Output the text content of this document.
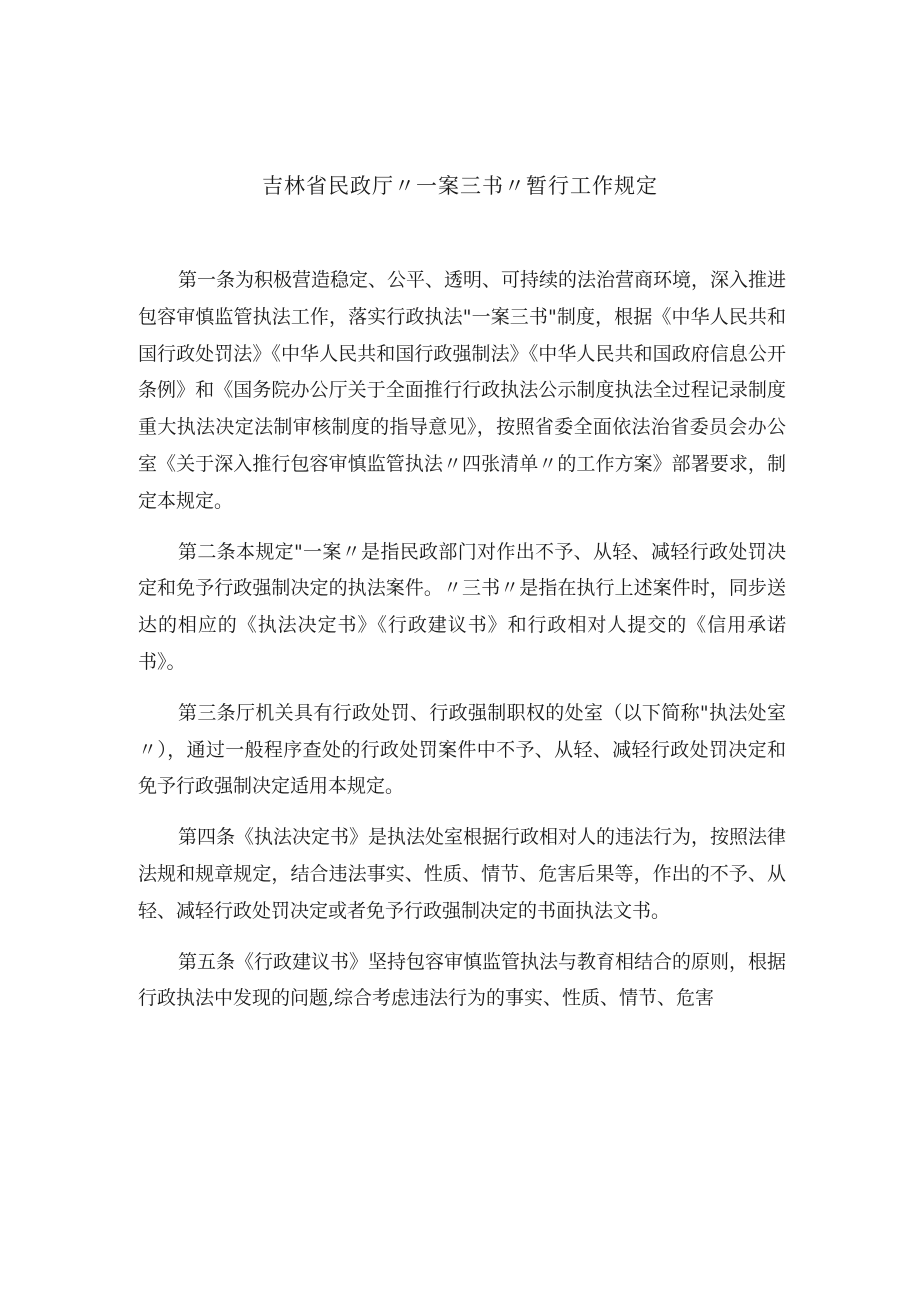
吉林省民政厅〃一案三书〃暂行工作规定

第一条为积极营造稳定、公平、透明、可持续的法治营商环境，深入推进包容审慎监管执法工作，落实行政执法"一案三书"制度，根据《中华人民共和国行政处罚法》《中华人民共和国行政强制法》《中华人民共和国政府信息公开条例》和《国务院办公厅关于全面推行行政执法公示制度执法全过程记录制度重大执法决定法制审核制度的指导意见》，按照省委全面依法治省委员会办公室《关于深入推行包容审慎监管执法〃四张清单〃的工作方案》部署要求，制定本规定。

第二条本规定"一案〃是指民政部门对作出不予、从轻、减轻行政处罚决定和免予行政强制决定的执法案件。〃三书〃是指在执行上述案件时，同步送达的相应的《执法决定书》《行政建议书》和行政相对人提交的《信用承诺书》。

第三条厅机关具有行政处罚、行政强制职权的处室（以下简称"执法处室〃），通过一般程序查处的行政处罚案件中不予、从轻、减轻行政处罚决定和免予行政强制决定适用本规定。

第四条《执法决定书》是执法处室根据行政相对人的违法行为，按照法律法规和规章规定，结合违法事实、性质、情节、危害后果等，作出的不予、从轻、减轻行政处罚决定或者免予行政强制决定的书面执法文书。

第五条《行政建议书》坚持包容审慎监管执法与教育相结合的原则，根据行政执法中发现的问题,综合考虑违法行为的事实、性质、情节、危害
